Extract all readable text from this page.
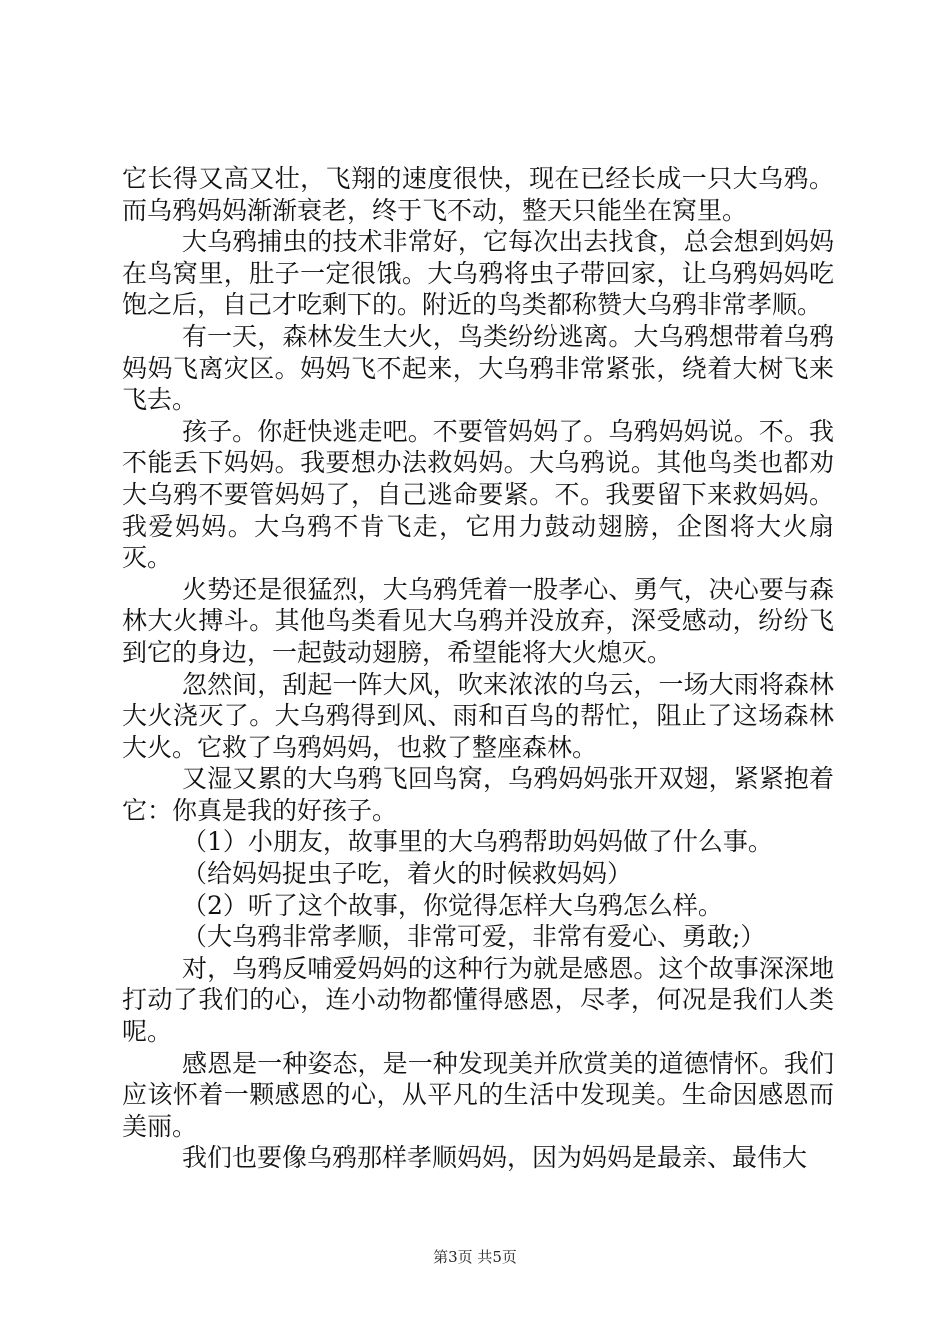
它长得又高又壮，飞翔的速度很快，现在已经长成一只大乌鸦。而乌鸦妈妈渐渐衰老，终于飞不动，整天只能坐在窝里。

大乌鸦捕虫的技术非常好，它每次出去找食，总会想到妈妈在鸟窝里，肚子一定很饿。大乌鸦将虫子带回家，让乌鸦妈妈吃饱之后，自己才吃剩下的。附近的鸟类都称赞大乌鸦非常孝顺。

有一天，森林发生大火，鸟类纷纷逃离。大乌鸦想带着乌鸦妈妈飞离灾区。妈妈飞不起来，大乌鸦非常紧张，绕着大树飞来飞去。

孩子。你赶快逃走吧。不要管妈妈了。乌鸦妈妈说。不。我不能丢下妈妈。我要想办法救妈妈。大乌鸦说。其他鸟类也都劝大乌鸦不要管妈妈了，自己逃命要紧。不。我要留下来救妈妈。我爱妈妈。大乌鸦不肯飞走，它用力鼓动翅膀，企图将大火扇灭。

火势还是很猛烈，大乌鸦凭着一股孝心、勇气，决心要与森林大火搏斗。其他鸟类看见大乌鸦并没放弃，深受感动，纷纷飞到它的身边，一起鼓动翅膀，希望能将大火熄灭。

忽然间，刮起一阵大风，吹来浓浓的乌云，一场大雨将森林大火浇灭了。大乌鸦得到风、雨和百鸟的帮忙，阻止了这场森林大火。它救了乌鸦妈妈，也救了整座森林。

又湿又累的大乌鸦飞回鸟窝，乌鸦妈妈张开双翅，紧紧抱着它：你真是我的好孩子。

（1）小朋友，故事里的大乌鸦帮助妈妈做了什么事。

（给妈妈捉虫子吃，着火的时候救妈妈）

（2）听了这个故事，你觉得怎样大乌鸦怎么样。

（大乌鸦非常孝顺，非常可爱，非常有爱心、勇敢;）

对，乌鸦反哺爱妈妈的这种行为就是感恩。这个故事深深地打动了我们的心，连小动物都懂得感恩，尽孝，何况是我们人类呢。

感恩是一种姿态，是一种发现美并欣赏美的道德情怀。我们应该怀着一颗感恩的心，从平凡的生活中发现美。生命因感恩而美丽。

我们也要像乌鸦那样孝顺妈妈，因为妈妈是最亲、最伟大

第3页 共5页
